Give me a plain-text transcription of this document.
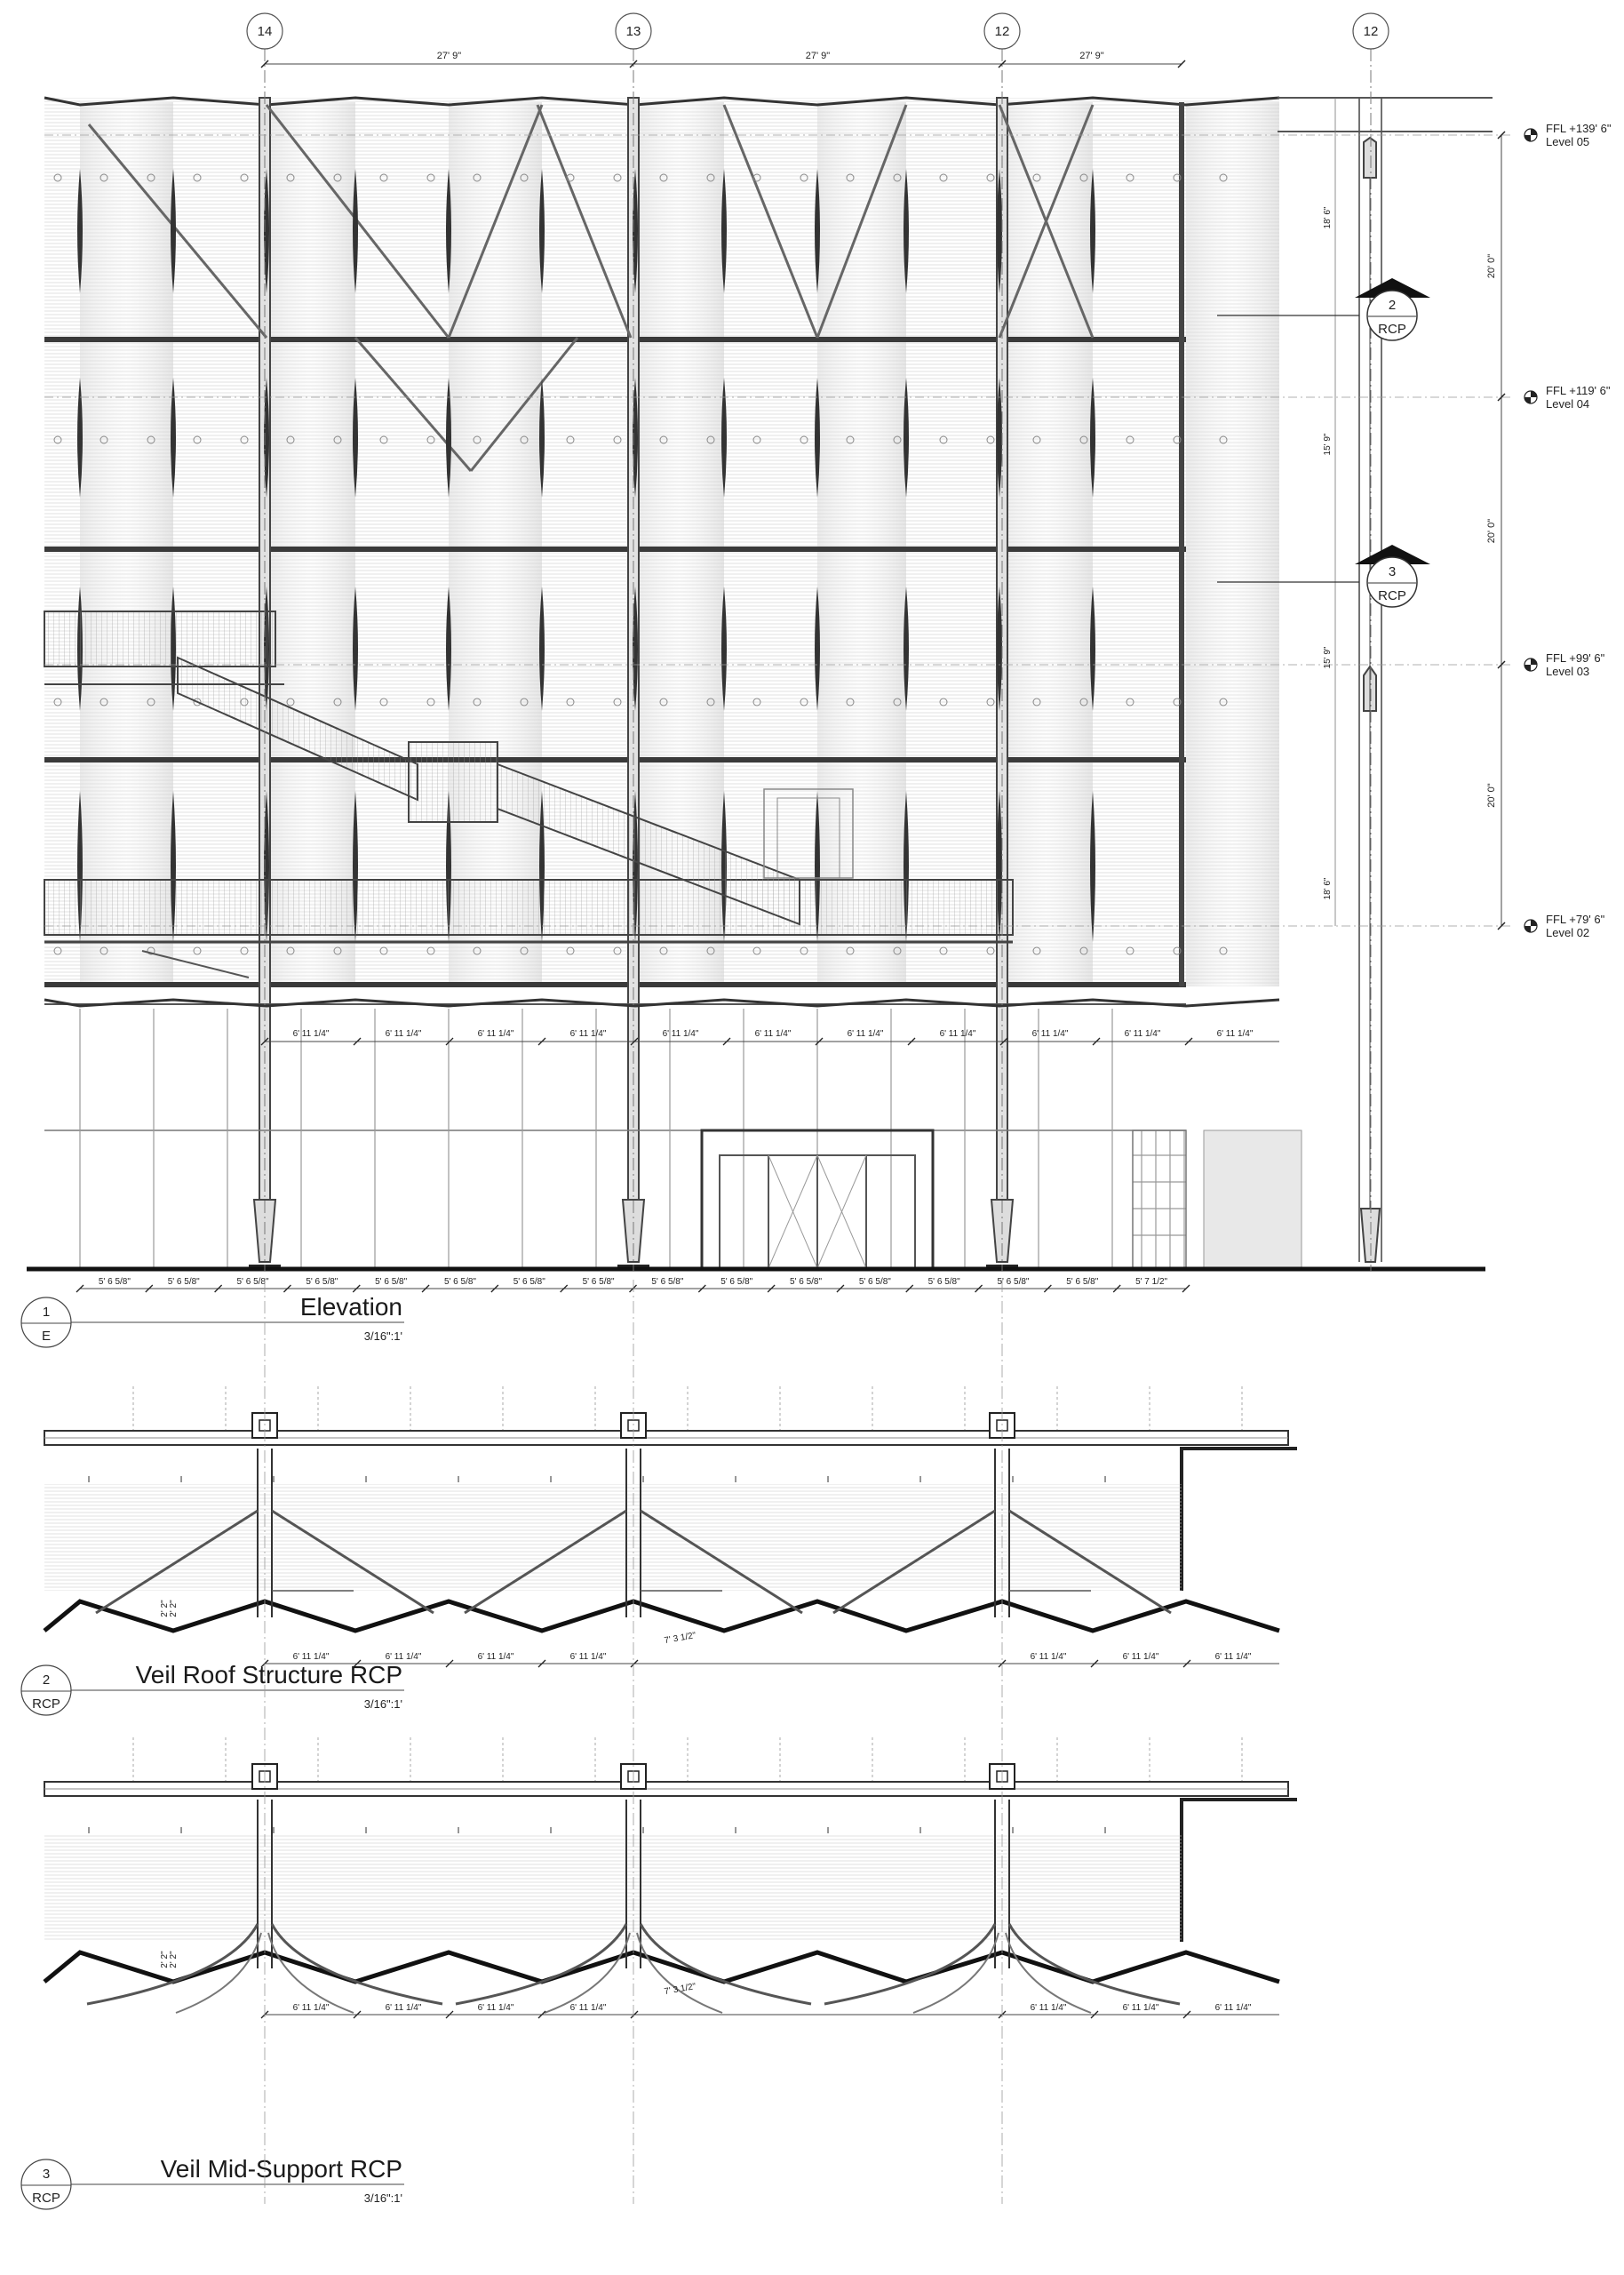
14	13	12	12
27' 9"	27' 9"	27' 9"
FFL +139' 6"
Level 05
FFL +119' 6"
Level 04
FFL +99' 6"
Level 03
FFL +79' 6"
Level 02
20' 0"
20' 0"
20' 0"
18' 6"
15' 9"
15' 9"
18' 6"
2
RCP
3
RCP
6' 11 1/4"	6' 11 1/4"	6' 11 1/4"	6' 11 1/4"	6' 11 1/4"	6' 11 1/4"	6' 11 1/4"	6' 11 1/4"	6' 11 1/4"	6' 11 1/4"	6' 11 1/4"
5' 6 5/8"	5' 6 5/8"	5' 6 5/8"	5' 6 5/8"	5' 6 5/8"	5' 6 5/8"	5' 6 5/8"	5' 6 5/8"	5' 6 5/8"	5' 6 5/8"	5' 6 5/8"	5' 6 5/8"	5' 6 5/8"	5' 6 5/8"	5' 6 5/8"	5' 7 1/2"
I	I	I	I	I	I	I	I	I	I	I	I
6' 11 1/4"	6' 11 1/4"	6' 11 1/4"	6' 11 1/4"
7' 3 1/2"
6' 11 1/4"	6' 11 1/4"	6' 11 1/4"
2' 2" 2' 2"
I	I	I	I	I	I	I	I	I	I	I	I
6' 11 1/4"	6' 11 1/4"	6' 11 1/4"	6' 11 1/4"
7' 3 1/2"
6' 11 1/4"	6' 11 1/4"	6' 11 1/4"
2' 2" 2' 2"
1
E
Elevation
3/16":1'
2
RCP
Veil Roof Structure RCP
3/16":1'
3
RCP
Veil Mid-Support RCP
3/16":1'
